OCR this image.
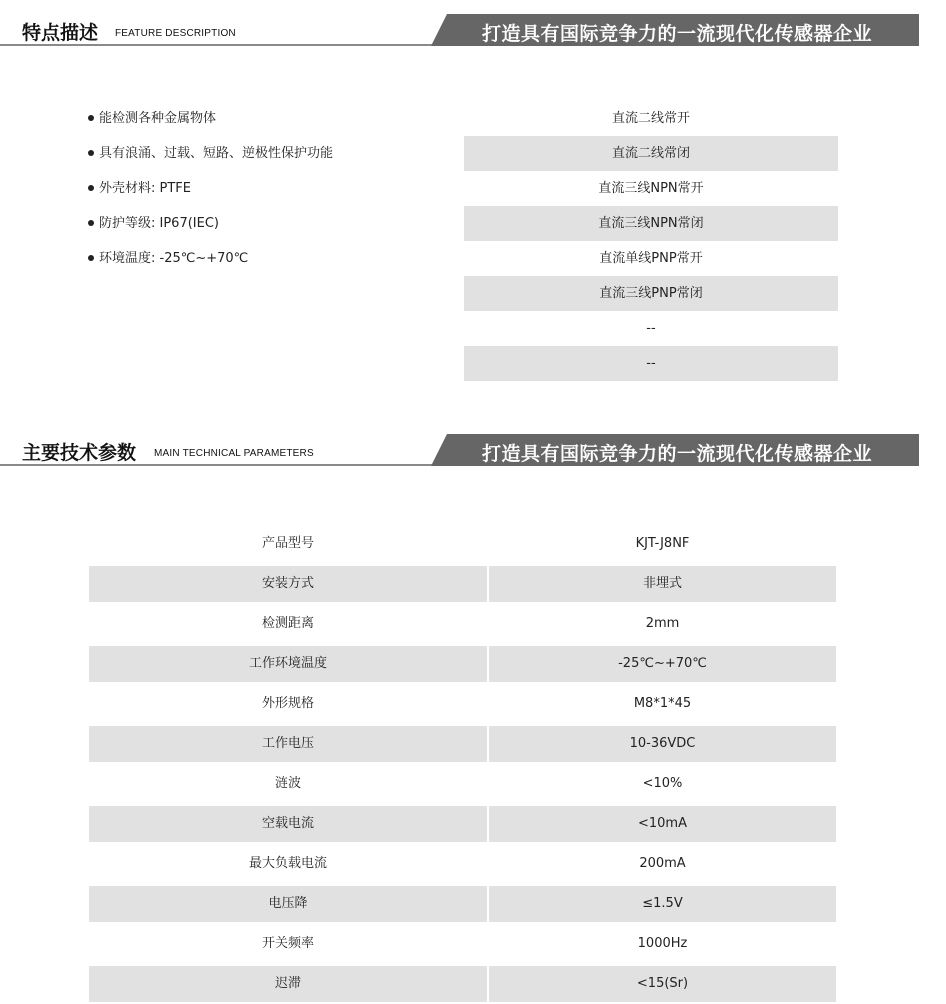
特点描述 FEATURE DESCRIPTION	打造具有国际竞争力的一流现代化传感器企业
能检测各种金属物体
具有浪涌、过载、短路、逆极性保护功能
外壳材料: PTFE
防护等级: IP67(IEC)
环境温度: -25℃~+70℃
直流二线常开
直流二线常闭
直流三线NPN常开
直流三线NPN常闭
直流单线PNP常开
直流三线PNP常闭
--
--
主要技术参数 MAIN TECHNICAL PARAMETERS	打造具有国际竞争力的一流现代化传感器企业
产品型号	KJT-J8NF
安装方式	非埋式
检测距离	2mm
工作环境温度	-25℃~+70℃
外形规格	M8*1*45
工作电压	10-36VDC
涟波	<10%
空载电流	<10mA
最大负载电流	200mA
电压降	≤1.5V
开关频率	1000Hz
迟滞	<15(Sr)
